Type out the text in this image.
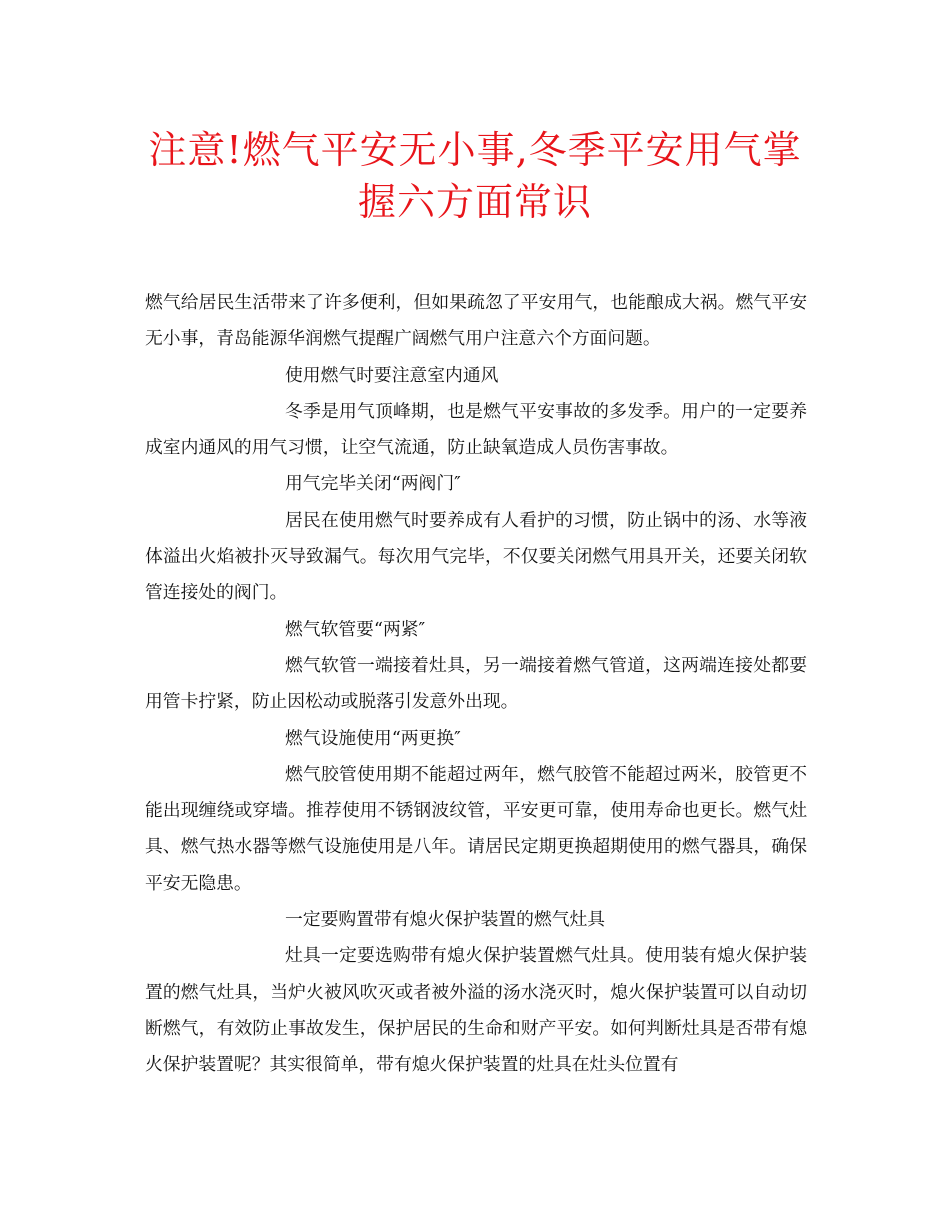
注意!燃气平安无小事,冬季平安用气掌
握六方面常识

燃气给居民生活带来了许多便利，但如果疏忽了平安用气，也能酿成大祸。燃气平安无小事，青岛能源华润燃气提醒广阔燃气用户注意六个方面问题。

使用燃气时要注意室内通风

冬季是用气顶峰期，也是燃气平安事故的多发季。用户的一定要养成室内通风的用气习惯，让空气流通，防止缺氧造成人员伤害事故。

用气完毕关闭“两阀门″

居民在使用燃气时要养成有人看护的习惯，防止锅中的汤、水等液体溢出火焰被扑灭导致漏气。每次用气完毕，不仅要关闭燃气用具开关，还要关闭软管连接处的阀门。

燃气软管要“两紧″

燃气软管一端接着灶具，另一端接着燃气管道，这两端连接处都要用管卡拧紧，防止因松动或脱落引发意外出现。

燃气设施使用“两更换″

燃气胶管使用期不能超过两年，燃气胶管不能超过两米，胶管更不能出现缠绕或穿墙。推荐使用不锈钢波纹管，平安更可靠，使用寿命也更长。燃气灶具、燃气热水器等燃气设施使用是八年。请居民定期更换超期使用的燃气器具，确保平安无隐患。

一定要购置带有熄火保护装置的燃气灶具

灶具一定要选购带有熄火保护装置燃气灶具。使用装有熄火保护装置的燃气灶具，当炉火被风吹灭或者被外溢的汤水浇灭时，熄火保护装置可以自动切断燃气，有效防止事故发生，保护居民的生命和财产平安。如何判断灶具是否带有熄火保护装置呢？其实很简单，带有熄火保护装置的灶具在灶头位置有
